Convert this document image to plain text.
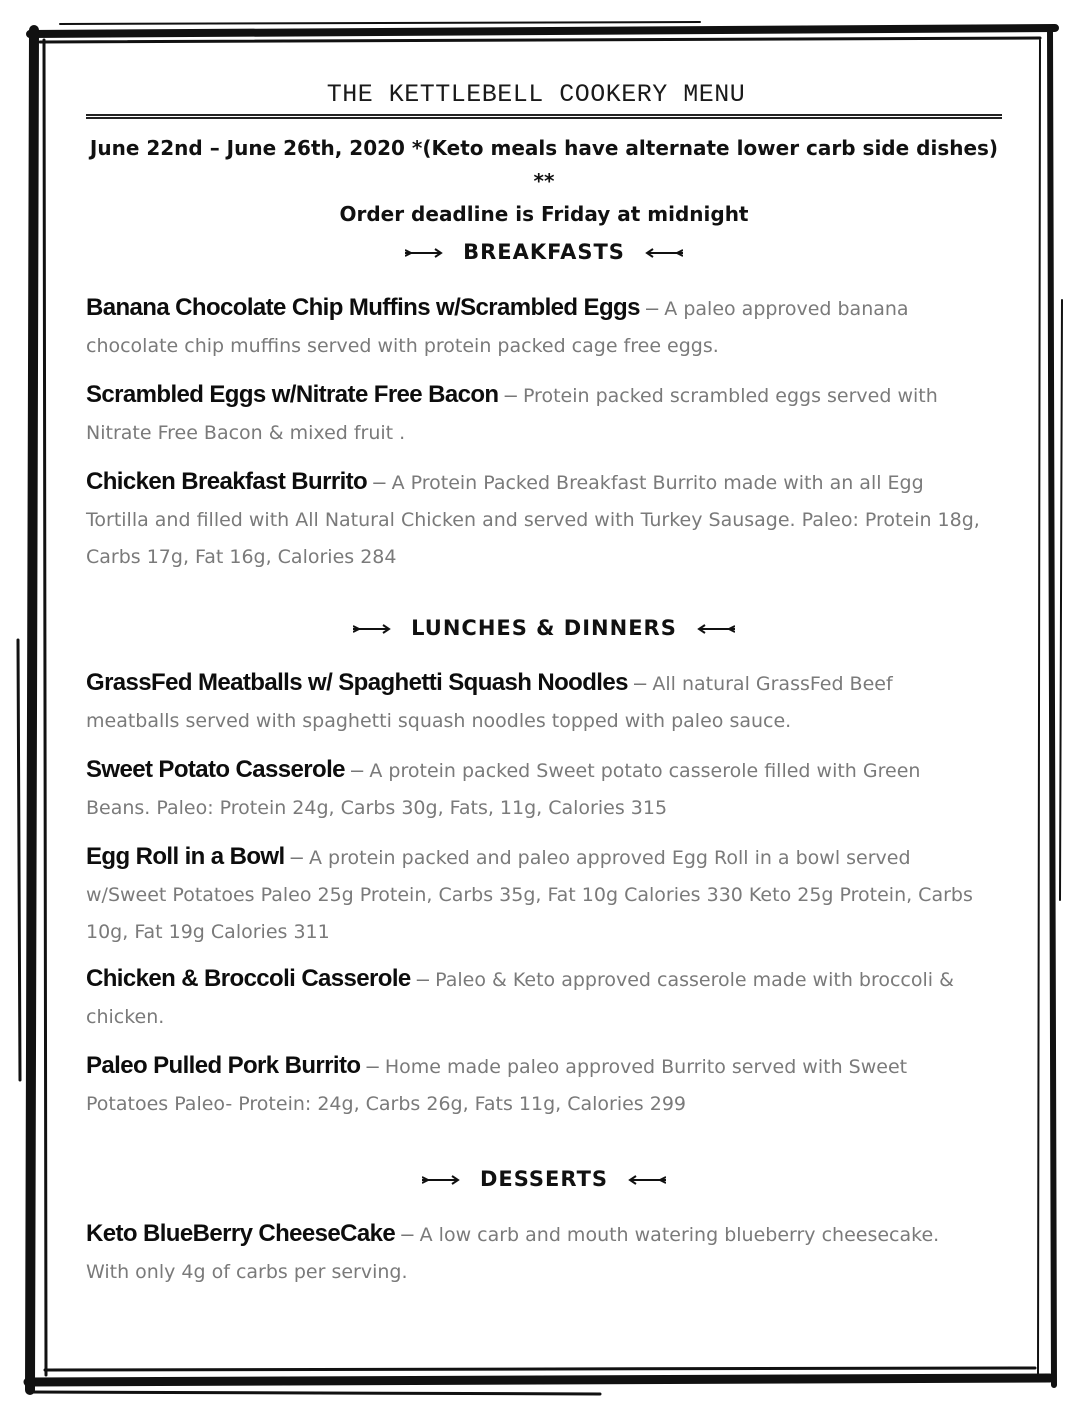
THE KETTLEBELL COOKERY MENU
June 22nd – June 26th, 2020 *(Keto meals have alternate lower carb side dishes) **
Order deadline is Friday at midnight
BREAKFASTS
Banana Chocolate Chip Muffins w/Scrambled Eggs – A paleo approved banana chocolate chip muffins served with protein packed cage free eggs.
Scrambled Eggs w/Nitrate Free Bacon – Protein packed scrambled eggs served with Nitrate Free Bacon & mixed fruit .
Chicken Breakfast Burrito – A Protein Packed Breakfast Burrito made with an all Egg Tortilla and filled with All Natural Chicken and served with Turkey Sausage. Paleo: Protein 18g, Carbs 17g, Fat 16g, Calories 284
LUNCHES & DINNERS
GrassFed Meatballs w/ Spaghetti Squash Noodles – All natural GrassFed Beef meatballs served with spaghetti squash noodles topped with paleo sauce.
Sweet Potato Casserole – A protein packed Sweet potato casserole filled with Green Beans. Paleo: Protein 24g, Carbs 30g, Fats, 11g, Calories 315
Egg Roll in a Bowl – A protein packed and paleo approved Egg Roll in a bowl served w/Sweet Potatoes Paleo 25g Protein, Carbs 35g, Fat 10g Calories 330 Keto 25g Protein, Carbs 10g, Fat 19g Calories 311
Chicken & Broccoli Casserole – Paleo & Keto approved casserole made with broccoli & chicken.
Paleo Pulled Pork Burrito – Home made paleo approved Burrito served with Sweet Potatoes Paleo- Protein: 24g, Carbs 26g, Fats 11g, Calories 299
DESSERTS
Keto BlueBerry CheeseCake – A low carb and mouth watering blueberry cheesecake. With only 4g of carbs per serving.
